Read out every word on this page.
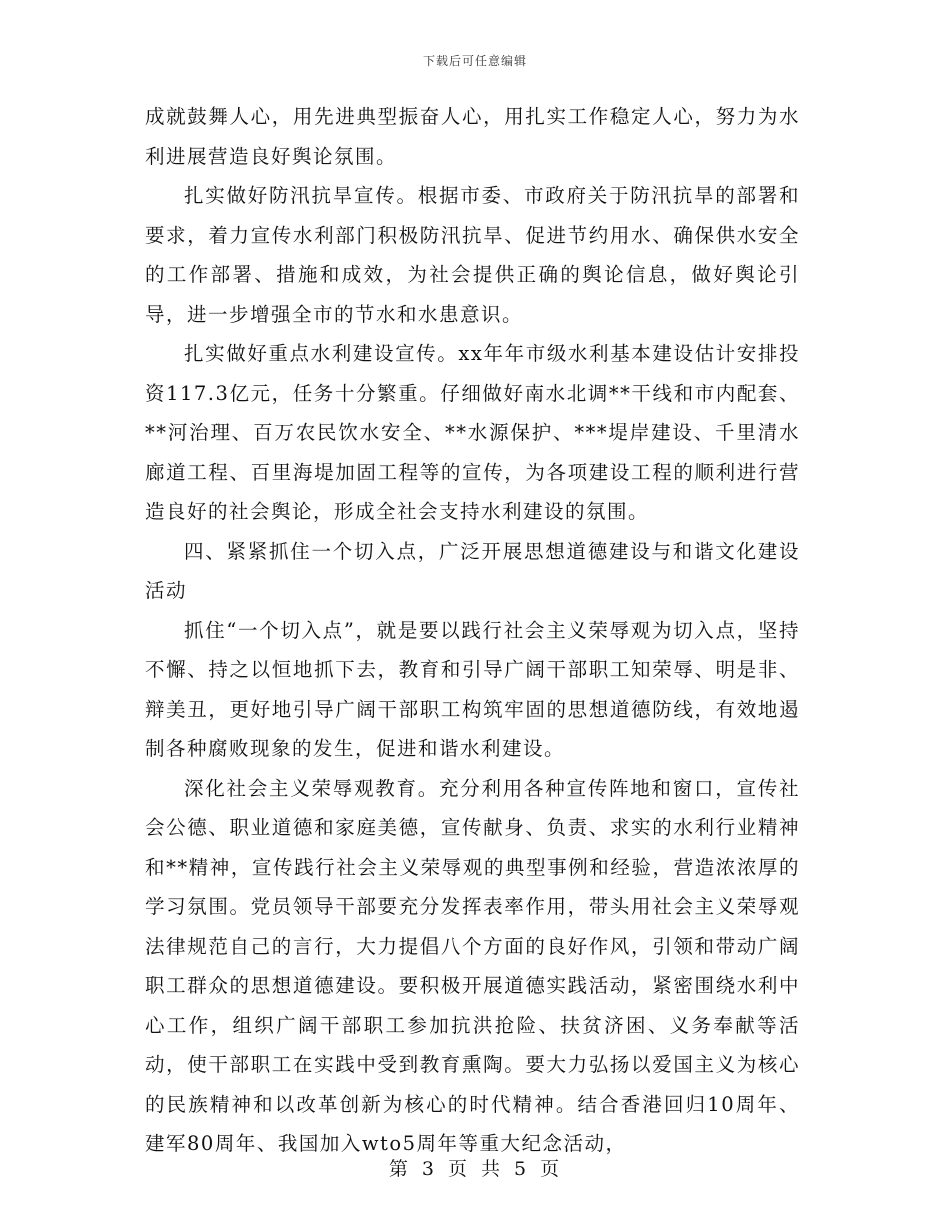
下载后可任意编辑

成就鼓舞人心，用先进典型振奋人心，用扎实工作稳定人心，努力为水利进展营造良好舆论氛围。

扎实做好防汛抗旱宣传。根据市委、市政府关于防汛抗旱的部署和要求，着力宣传水利部门积极防汛抗旱、促进节约用水、确保供水安全的工作部署、措施和成效，为社会提供正确的舆论信息，做好舆论引导，进一步增强全市的节水和水患意识。

扎实做好重点水利建设宣传。xx年年市级水利基本建设估计安排投资117.3亿元，任务十分繁重。仔细做好南水北调**干线和市内配套、**河治理、百万农民饮水安全、**水源保护、***堤岸建设、千里清水廊道工程、百里海堤加固工程等的宣传，为各项建设工程的顺利进行营造良好的社会舆论，形成全社会支持水利建设的氛围。

四、紧紧抓住一个切入点，广泛开展思想道德建设与和谐文化建设活动

抓住“一个切入点”，就是要以践行社会主义荣辱观为切入点，坚持不懈、持之以恒地抓下去，教育和引导广阔干部职工知荣辱、明是非、辩美丑，更好地引导广阔干部职工构筑牢固的思想道德防线，有效地遏制各种腐败现象的发生，促进和谐水利建设。

深化社会主义荣辱观教育。充分利用各种宣传阵地和窗口，宣传社会公德、职业道德和家庭美德，宣传献身、负责、求实的水利行业精神和**精神，宣传践行社会主义荣辱观的典型事例和经验，营造浓浓厚的学习氛围。党员领导干部要充分发挥表率作用，带头用社会主义荣辱观法律规范自己的言行，大力提倡八个方面的良好作风，引领和带动广阔职工群众的思想道德建设。要积极开展道德实践活动，紧密围绕水利中心工作，组织广阔干部职工参加抗洪抢险、扶贫济困、义务奉献等活动，使干部职工在实践中受到教育熏陶。要大力弘扬以爱国主义为核心的民族精神和以改革创新为核心的时代精神。结合香港回归10周年、建军80周年、我国加入wto5周年等重大纪念活动，

第 3 页 共 5 页
